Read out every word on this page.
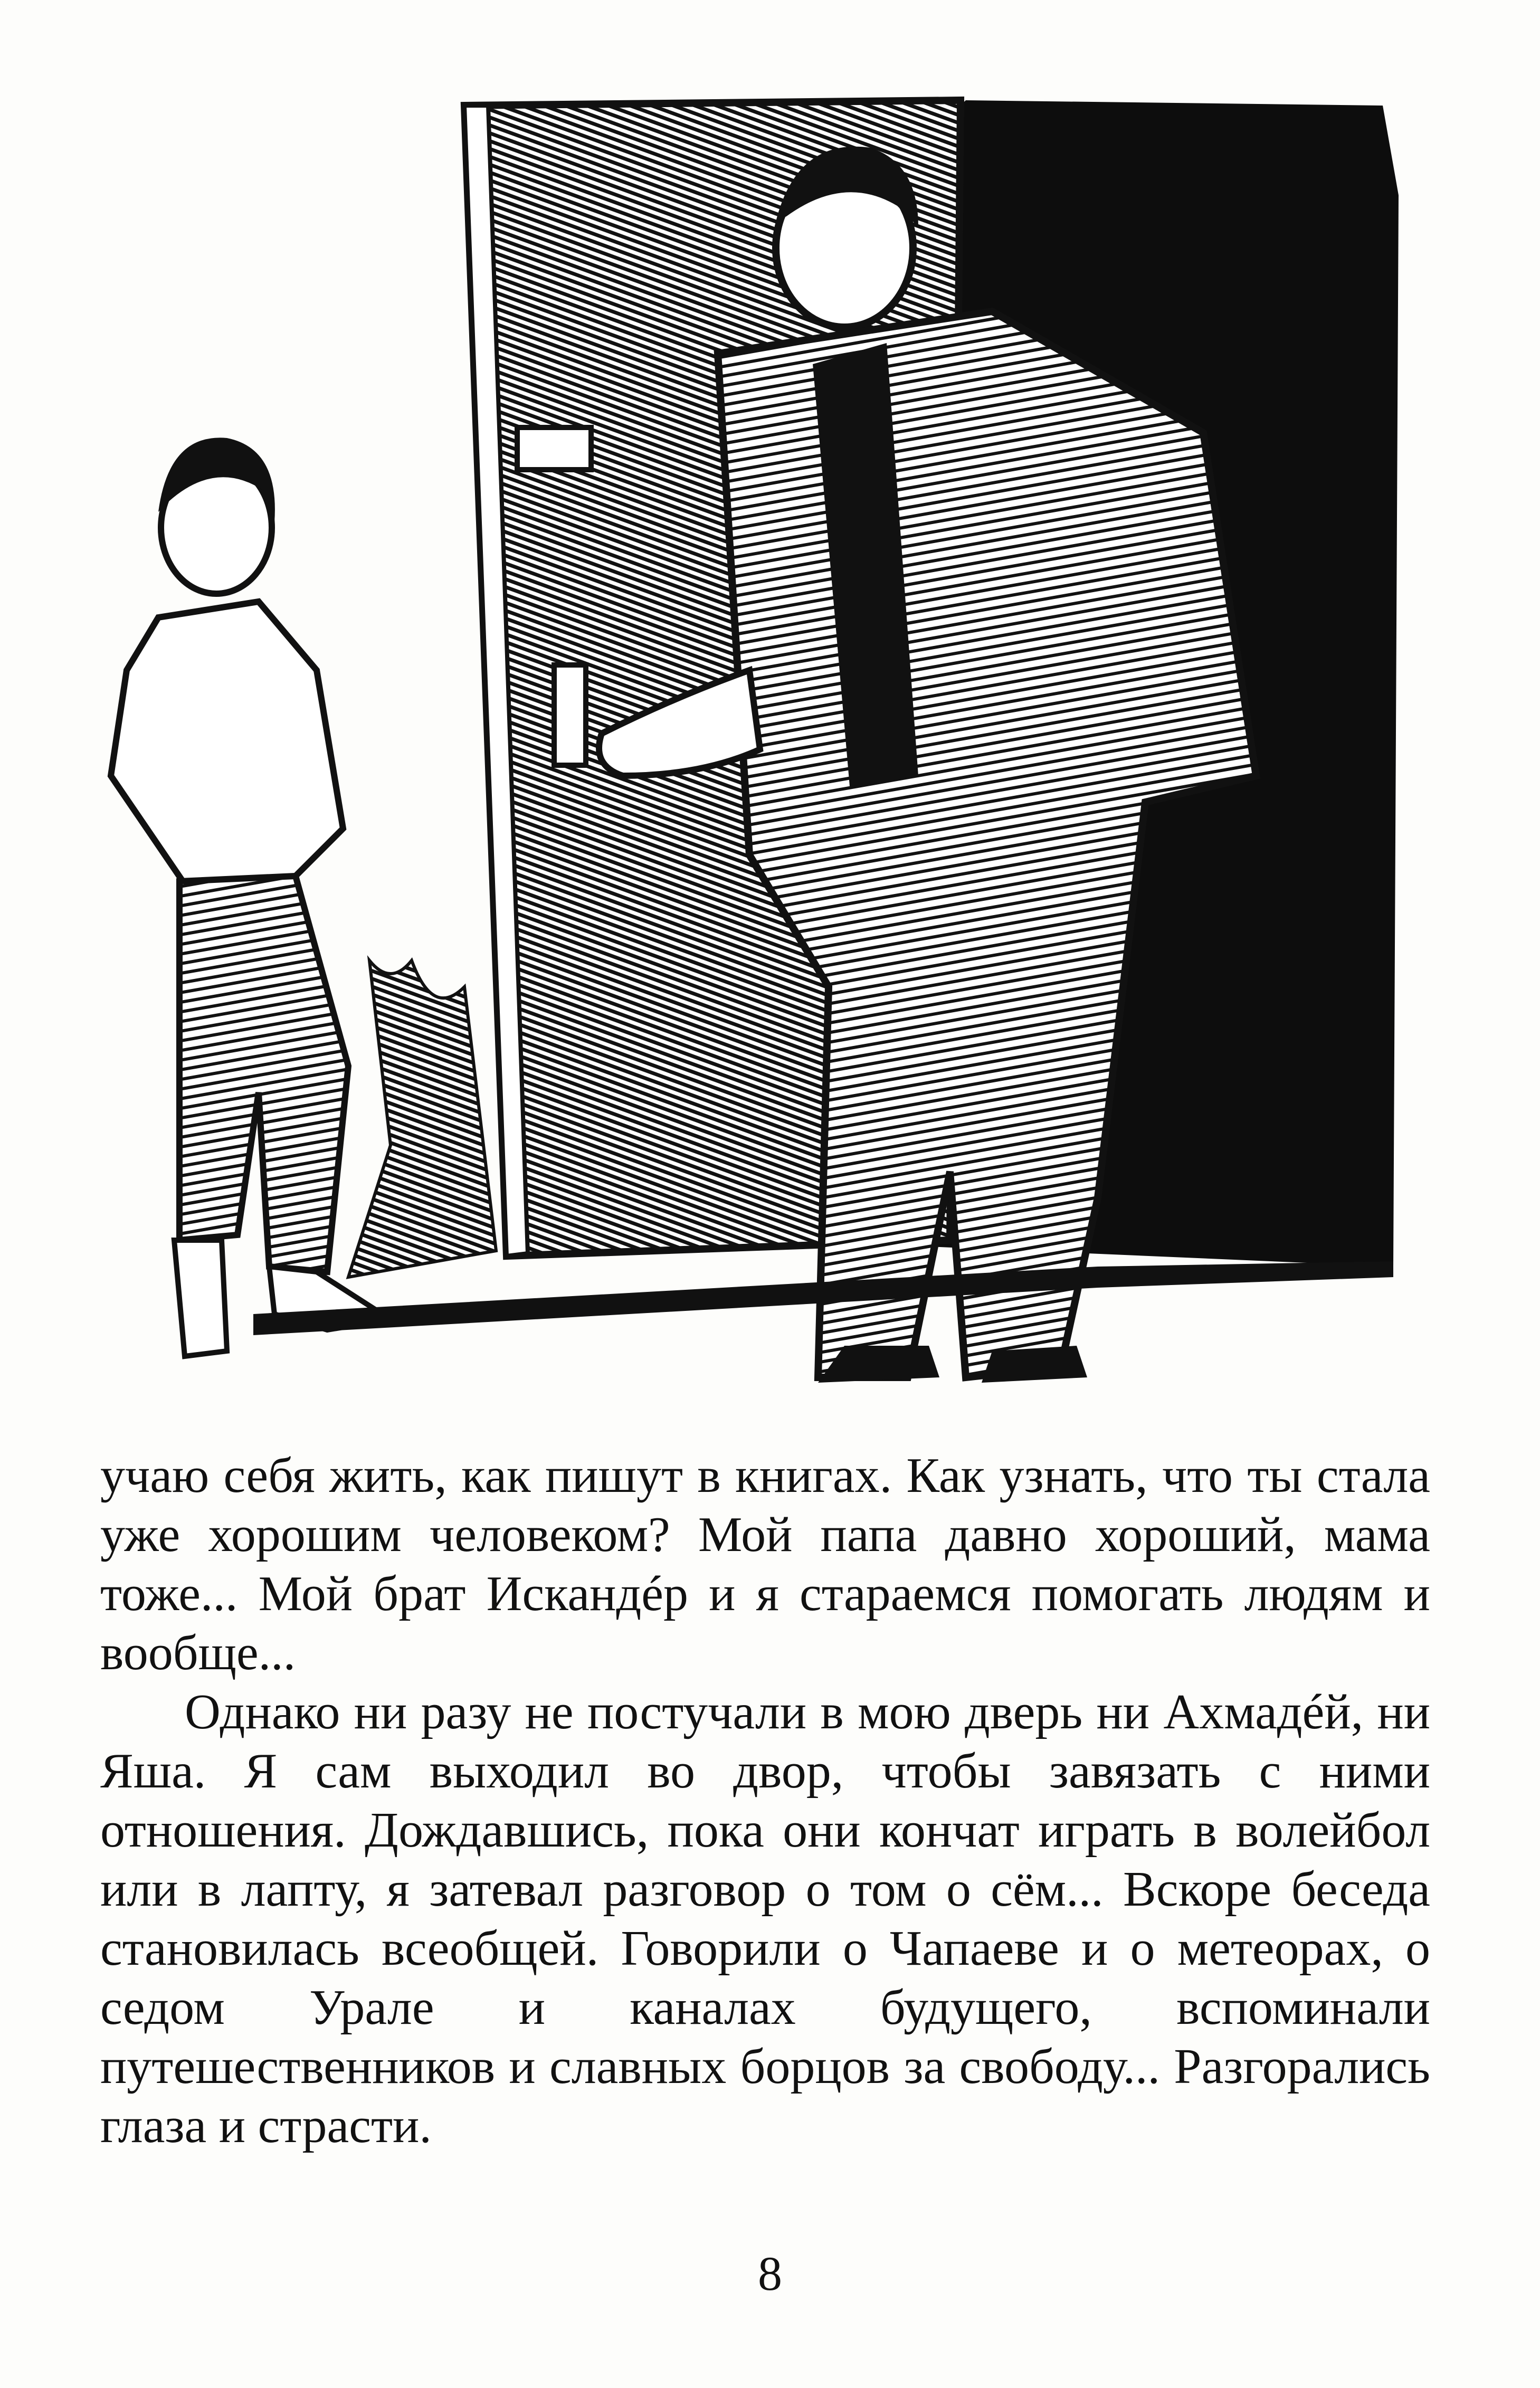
учаю себя жить, как пишут в книгах. Как узнать, что ты стала уже хорошим человеком? Мой папа давно хороший, мама тоже... Мой брат Искандéр и я стараемся помогать людям и вообще...

Однако ни разу не постучали в мою дверь ни Ахмадéй, ни Яша. Я сам выходил во двор, чтобы завязать с ними отношения. Дождавшись, пока они кончат играть в волейбол или в лапту, я затевал разговор о том о сём... Вскоре беседа становилась всеобщей. Говорили о Чапаеве и о метеорах, о седом Урале и каналах будущего, вспоминали путешественников и славных борцов за свободу... Разгорались глаза и страсти.

8
